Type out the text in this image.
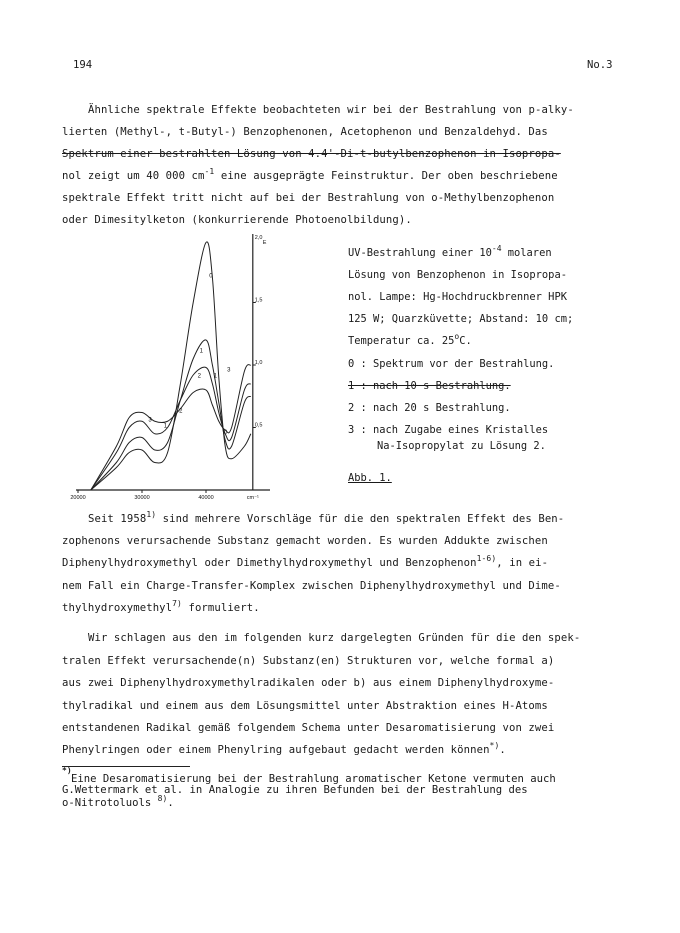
194	No.3
Ähnliche spektrale Effekte beobachteten wir bei der Bestrahlung von p-alky-
lierten (Methyl-, t-Butyl-) Benzophenonen, Acetophenon und Benzaldehyd. Das
Spektrum einer bestrahlten Lösung von 4.4'-Di-t-butylbenzophenon in Isopropa-
nol zeigt um 40 000 $cm^{-1}$ eine ausgeprägte Feinstruktur. Der oben beschriebene
spektrale Effekt tritt nicht auf bei der Bestrahlung von o-Methylbenzophenon
oder Dimesitylketon (konkurrierende Photoenolbildung).
20000	30000	40000	cm⁻¹
1,5
1,0
0,5
2,0
E
0
1
2
3
1
2
3
1
0
UV-Bestrahlung einer $10^{-4}$ molaren
Lösung von Benzophenon in Isopropa-
nol. Lampe: Hg-Hochdruckbrenner HPK
125 W; Quarzküvette; Abstand: 10 cm;
Temperatur ca. 25$^o$C.
0 : Spektrum vor der Bestrahlung.
1 : nach 10 s Bestrahlung.
2 : nach 20 s Bestrahlung.
3 : nach Zugabe eines Kristalles
Na-Isopropylat zu Lösung 2.
Abb. 1.
Seit 1958$^{1)}$ sind mehrere Vorschläge für die den spektralen Effekt des Ben-
zophenons verursachende Substanz gemacht worden. Es wurden Addukte zwischen
Diphenylhydroxymethyl oder Dimethylhydroxymethyl und Benzophenon$^{1-6)}$, in ei-
nem Fall ein Charge-Transfer-Komplex zwischen Diphenylhydroxymethyl und Dime-
thylhydroxymethyl$^{7)}$ formuliert.
Wir schlagen aus den im folgenden kurz dargelegten Gründen für die den spek-
tralen Effekt verursachende(n) Substanz(en) Strukturen vor, welche formal a)
aus zwei Diphenylhydroxymethylradikalen oder b) aus einem Diphenylhydroxyme-
thylradikal und einem aus dem Lösungsmittel unter Abstraktion eines H-Atoms
entstandenen Radikal gemäß folgendem Schema unter Desaromatisierung von zwei
Phenylringen oder einem Phenylring aufgebaut gedacht werden können*).
*)
Eine Desaromatisierung bei der Bestrahlung aromatischer Ketone vermuten auch
G.Wettermark et al. in Analogie zu ihren Befunden bei der Bestrahlung des
o-Nitrotoluols $^{8)}$.
